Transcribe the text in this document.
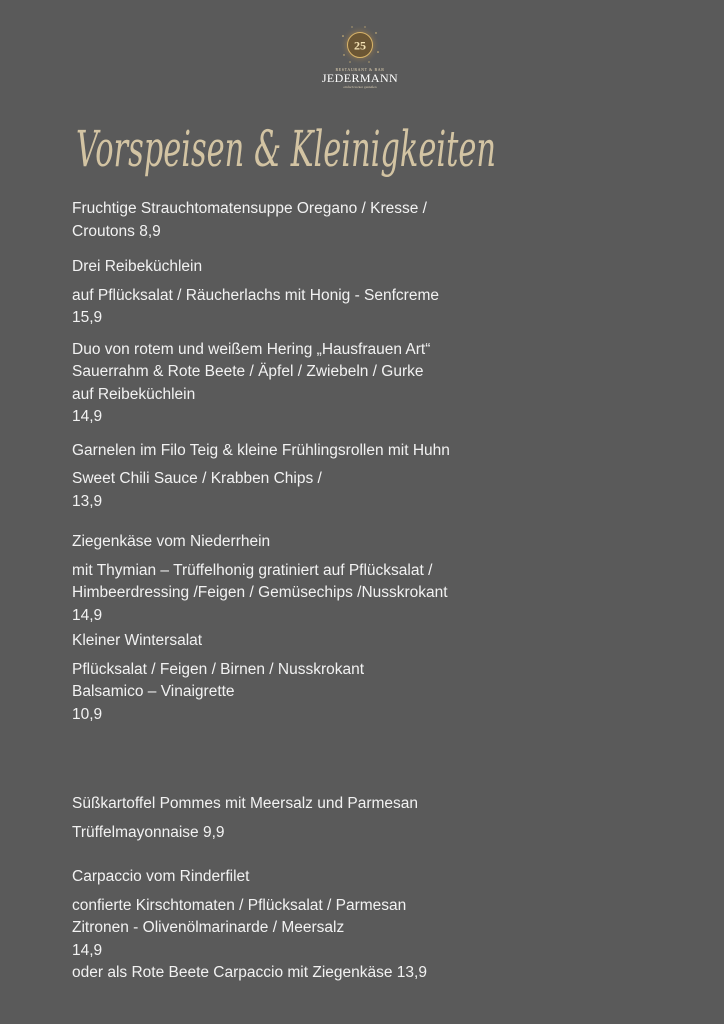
25
RESTAURANT & BAR
JEDERMANN
einfach lecker genießen
Vorspeisen & Kleinigkeiten

Fruchtige Strauchtomatensuppe Oregano / Kresse /

Croutons 8,9

Drei Reibeküchlein

auf Pflücksalat / Räucherlachs mit Honig - Senfcreme

15,9

Duo von rotem und weißem Hering „Hausfrauen Art“

Sauerrahm & Rote Beete / Äpfel / Zwiebeln / Gurke

auf Reibeküchlein

14,9

Garnelen im Filo Teig & kleine Frühlingsrollen mit Huhn

Sweet Chili Sauce / Krabben Chips /

13,9

Ziegenkäse vom Niederrhein

mit Thymian – Trüffelhonig gratiniert auf Pflücksalat /

Himbeerdressing /Feigen / Gemüsechips /Nusskrokant

14,9

Kleiner Wintersalat

Pflücksalat / Feigen / Birnen / Nusskrokant

Balsamico – Vinaigrette

10,9

Süßkartoffel Pommes mit Meersalz und Parmesan

Trüffelmayonnaise 9,9

Carpaccio vom Rinderfilet

confierte Kirschtomaten / Pflücksalat / Parmesan

Zitronen - Olivenölmarinarde / Meersalz

14,9

oder als Rote Beete Carpaccio mit Ziegenkäse 13,9
